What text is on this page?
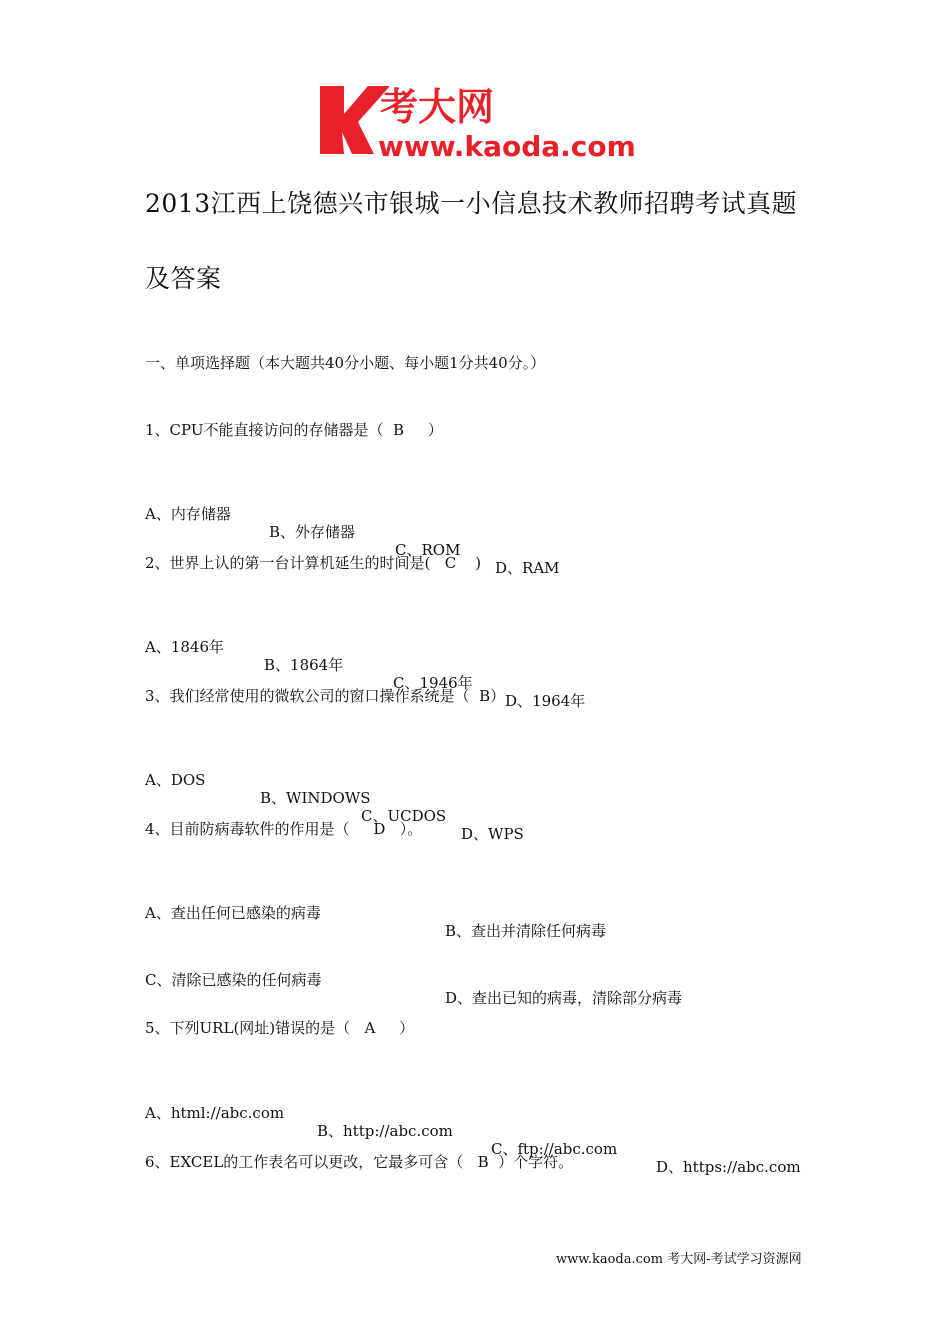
考大网
www.kaoda.com
2013江西上饶德兴市银城一小信息技术教师招聘考试真题
及答案
一、单项选择题（本大题共40分小题、每小题1分共40分。）
1、CPU不能直接访问的存储器是（  B     ）

A、内存储器

B、外存储器

C、ROM

D、RAM

2、世界上认的第一台计算机延生的时间是(   C    )

A、1846年

B、1864年

C、1946年

D、1964年

3、我们经常使用的微软公司的窗口操作系统是（  B）

A、DOS

B、WINDOWS

C、UCDOS

D、WPS

4、目前防病毒软件的作用是（     D   ）。

A、查出任何已感染的病毒

B、查出并清除任何病毒

C、清除已感染的任何病毒

D、查出已知的病毒，清除部分病毒

5、下列URL(网址)错误的是（   A     ）

A、html://abc.com

B、http://abc.com

C、ftp://abc.com

D、https://abc.com

6、EXCEL的工作表名可以更改，它最多可含（   B  ）个字符。
www.kaoda.com 考大网-考试学习资源网
